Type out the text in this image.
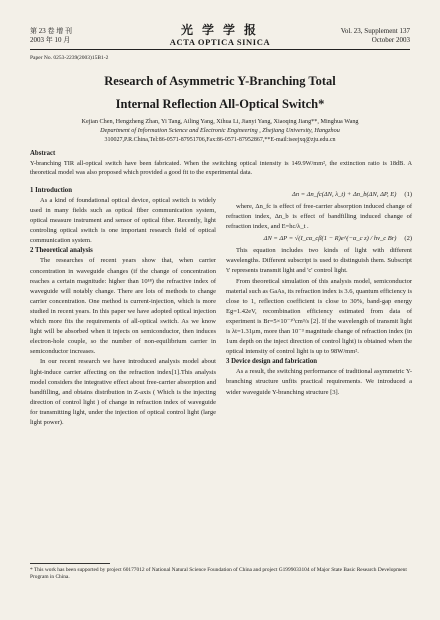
第 23 卷 增 刊
2003 年 10 月
光 学 学 报
ACTA OPTICA SINICA
Vol. 23, Supplement 137
October 2003
Paper No. 0253-2239(2003)15B1-2
Research of Asymmetric Y-Branching Total
Internal Reflection All-Optical Switch*
Kejian Chen, Hengzheng Zhan, Yi Tang, Ailing Yang, Xihua Li, Jianyi Yang, Xiaoqing Jiang**, Minghua Wang
Department of Information Science and Electronic Engineering , Zhejiang University, Hangzhou
310027,P.R.China,Tel:86-0571-87951706,Fax:86-0571-87952867,**E-mail:iseejxq@zju.edu.cn
Abstract
Y-branching TIR all-optical switch have been fabricated. When the switching optical intensity is 149.9W/mm², the extinction ratio is 18dB. A theoretical model was also proposed which provided a good fit to the experimental data.
1 Introduction

As a kind of foundational optical device, optical switch is widely used in many fields such as optical fiber communication system, optical measure instrument and sensor of optical fiber. Recently, light controling optical switch is one important research field of optical communication system.

2 Theoretical analysis

The researches of recent years show that, when carrier concentration in waveguide changes (if the change of concentration reaches a certain magnitude: higher than 10¹⁸) the refractive index of waveguide will notably change. There are lots of methods to change carrier concentration. One method is current-injection, which is more studied in recent years. In this paper we have adopted optical injection which more fits the requirements of all-optical switch. As we know light will be absorbed when it injects on semiconductor, then induces electron-hole couple, so the number of non-equilibrium carrier in semiconductor increases.

In our recent research we have introduced analysis model about light-induce carrier affecting on the refraction index[1].This analysis model considers the integrative effect about free-carrier absorption and bandfilling, and obtains distribution in Z-axis ( Which is the injecting direction of control light ) of change in refraction index of waveguide for transmitting light, under the injection of optical control light (large light power).

Δn = Δn_fc(ΔN, λ_t) + Δn_b(ΔN, ΔP, E) (1)

where, Δn_fc is effect of free-carrier absorption induced change of refraction index, Δn_b is effect of bandfilling induced change of refraction index, and E=hc/λ_t .

ΔN = ΔP = √(I_cα_cβ(1 − R)e^(−α_c z) / hν_c Br) (2)

This equation includes two kinds of light with different wavelengths. Different subscript is used to distinguish them. Subscript 't' represents transmit light and 'c' control light.

From theoretical simulation of this analysis model, semiconductor material such as GaAs, its refraction index is 3.6, quantum efficiency is close to 1, reflection coefficient is close to 30%, band-gap energy Eg=1.42eV, recombination efficiency estimated from data of experiment is Br=5×10⁻¹⁰cm³/s [2]. If the wavelength of transmit light is λt=1.31μm, more than 10⁻³ magnitude change of refraction index (in 1um depth on the inject direction of control light) is obtained when the optical intensity of control light is up to 98W/mm².

3 Device design and fabrication

As a result, the switching performance of traditional asymmetric Y-branching structure unfits practical requirements. We introduced a wider waveguide Y-branching structure [3].

* This work has been supported by project 60177012 of National Natural Science Foundation of China and project G1999033104 of Major State Basic Research Development Program in China.
